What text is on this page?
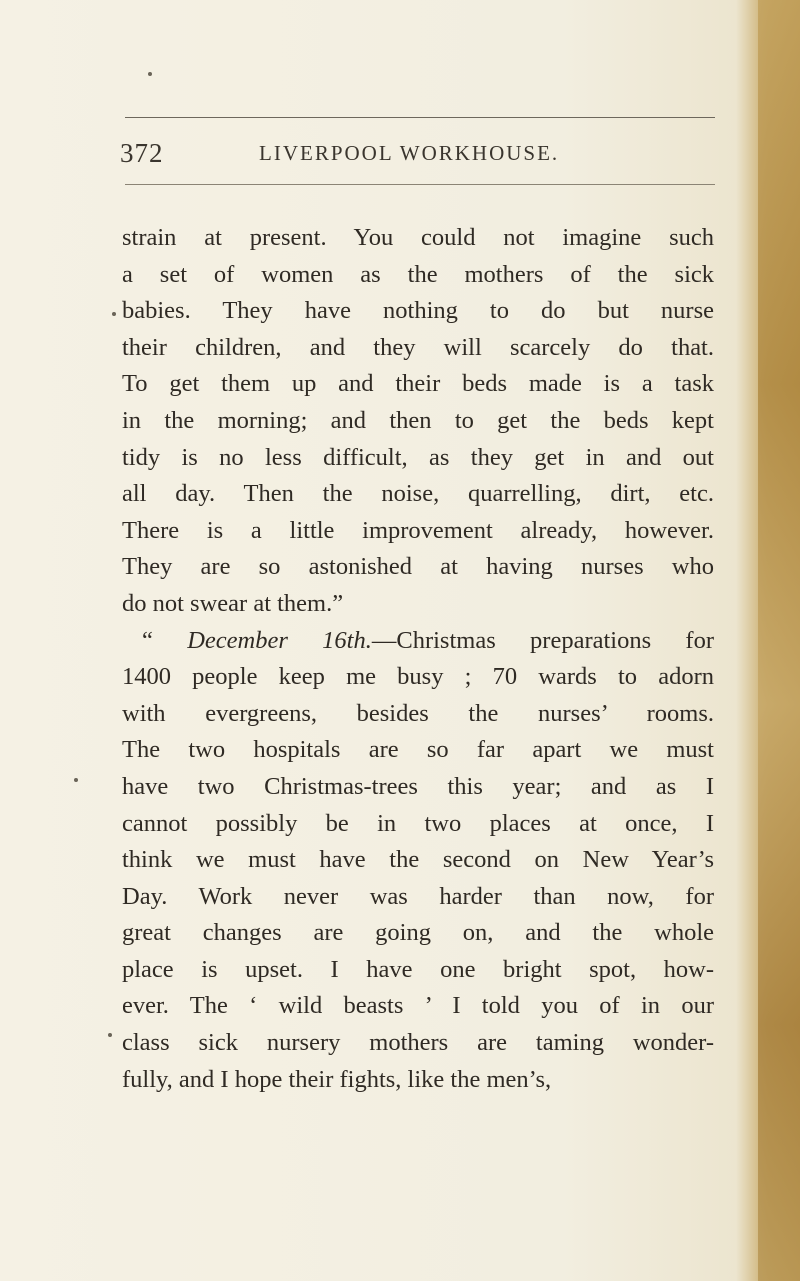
372	LIVERPOOL WORKHOUSE.
strain at present. You could not imagine such
a set of women as the mothers of the sick
babies. They have nothing to do but nurse
their children, and they will scarcely do that.
To get them up and their beds made is a task
in the morning; and then to get the beds kept
tidy is no less difficult, as they get in and out
all day. Then the noise, quarrelling, dirt, etc.
There is a little improvement already, however.
They are so astonished at having nurses who
do not swear at them.”
“ December 16th.—Christmas preparations for
1400 people keep me busy ; 70 wards to adorn
with evergreens, besides the nurses’ rooms.
The two hospitals are so far apart we must
have two Christmas-trees this year; and as I
cannot possibly be in two places at once, I
think we must have the second on New Year’s
Day. Work never was harder than now, for
great changes are going on, and the whole
place is upset. I have one bright spot, how-
ever. The ‘ wild beasts ’ I told you of in our
class sick nursery mothers are taming wonder-
fully, and I hope their fights, like the men’s,
